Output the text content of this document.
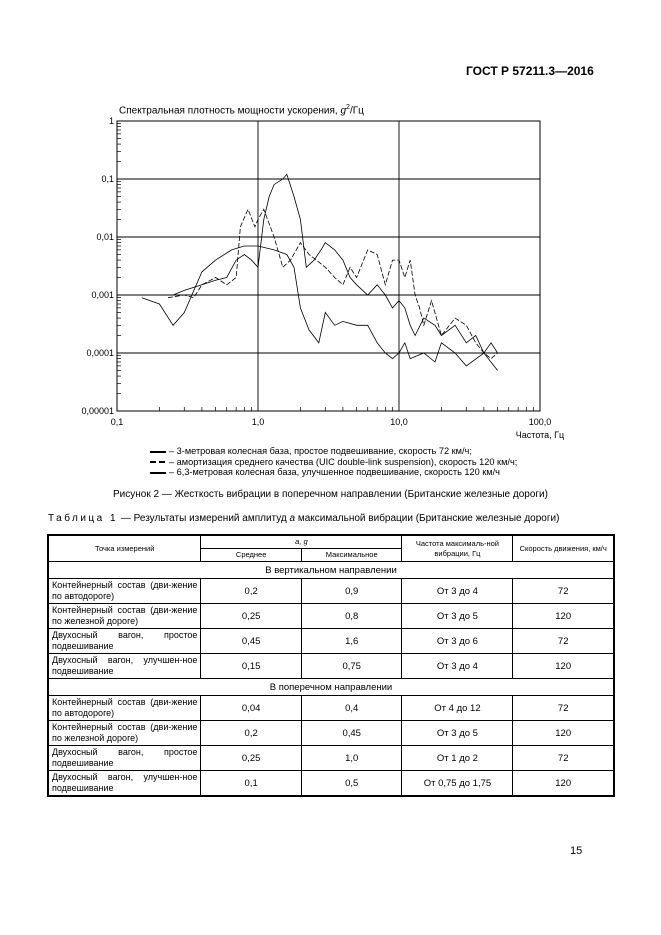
ГОСТ Р 57211.3—2016
Спектральная плотность мощности ускорения, $g^2/Гц$
0,1	1,0	10,0	100,0
0,00001
0,0001
0,001
0,01
0,1
1
Частота, Гц
– 3-метровая колесная база, простое подвешивание, скорость 72 км/ч;
– амортизация среднего качества (UIC double-link suspension), скорость 120 км/ч;
– 6,3-метровая колесная база, улучшенное подвешивание, скорость 120 км/ч
Рисунок 2 — Жесткость вибрации в поперечном направлении (Британские железные дороги)
Таблица 1 — Результаты измерений амплитуд a максимальной вибрации (Британские железные дороги)
Точка измерений	a, g		Частота максималь-ной вибрации, Гц	Скорость движения, км/ч
	Среднее	Максимальное		
В вертикальном направлении				
Контейнерный состав (дви-жение по автодороге)	0,2	0,9	От 3 до 4	72
Контейнерный состав (дви-жение по железной дороге)	0,25	0,8	От 3 до 5	120
Двухосный вагон, простое подвешивание	0,45	1,6	От 3 до 6	72
Двухосный вагон, улучшен-ное подвешивание	0,15	0,75	От 3 до 4	120
В поперечном направлении				
Контейнерный состав (дви-жение по автодороге)	0,04	0,4	От 4 до 12	72
Контейнерный состав (дви-жение по железной дороге)	0,2	0,45	От 3 до 5	120
Двухосный вагон, простое подвешивание	0,25	1,0	От 1 до 2	72
Двухосный вагон, улучшен-ное подвешивание	0,1	0,5	От 0,75 до 1,75	120
15
